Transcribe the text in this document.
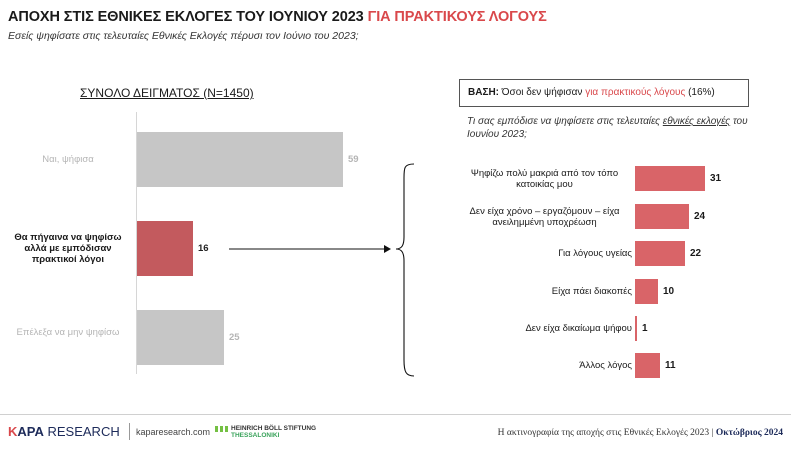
ΑΠΟΧΗ ΣΤΙΣ ΕΘΝΙΚΕΣ ΕΚΛΟΓΕΣ ΤΟΥ ΙΟΥΝΙΟΥ 2023 ΓΙΑ ΠΡΑΚΤΙΚΟΥΣ ΛΟΓΟΥΣ
Εσείς ψηφίσατε στις τελευταίες Εθνικές Εκλογές πέρυσι τον Ιούνιο του 2023;
ΣΥΝΟΛΟ ΔΕΙΓΜΑΤΟΣ (N=1450)	ΒΑΣΗ: Όσοι δεν ψήφισαν για πρακτικούς λόγους (16%)
Τι σας εμπόδισε να ψηφίσετε στις τελευταίες εθνικές εκλογές του Ιουνίου 2023;
59
Ναι, ψήφισα
16
Θα πήγαινα να ψηφίσω αλλά με εμπόδισαν πρακτικοί λόγοι
25
Επέλεξα να μην ψηφίσω
31
Ψηφίζω πολύ μακριά από τον τόπο κατοικίας μου
24
Δεν είχα χρόνο – εργαζόμουν – είχα ανειλημμένη υποχρέωση
22
Για λόγους υγείας
10
Είχα πάει διακοπές
1
Δεν είχα δικαίωμα ψήφου
11
Άλλος λόγος
KAPA RESEARCH kaparesearch.com	HEINRICH BÖLL STIFTUNG
THESSALONIKI	Η ακτινογραφία της αποχής στις Εθνικές Εκλογές 2023 | Οκτώβριος 2024
